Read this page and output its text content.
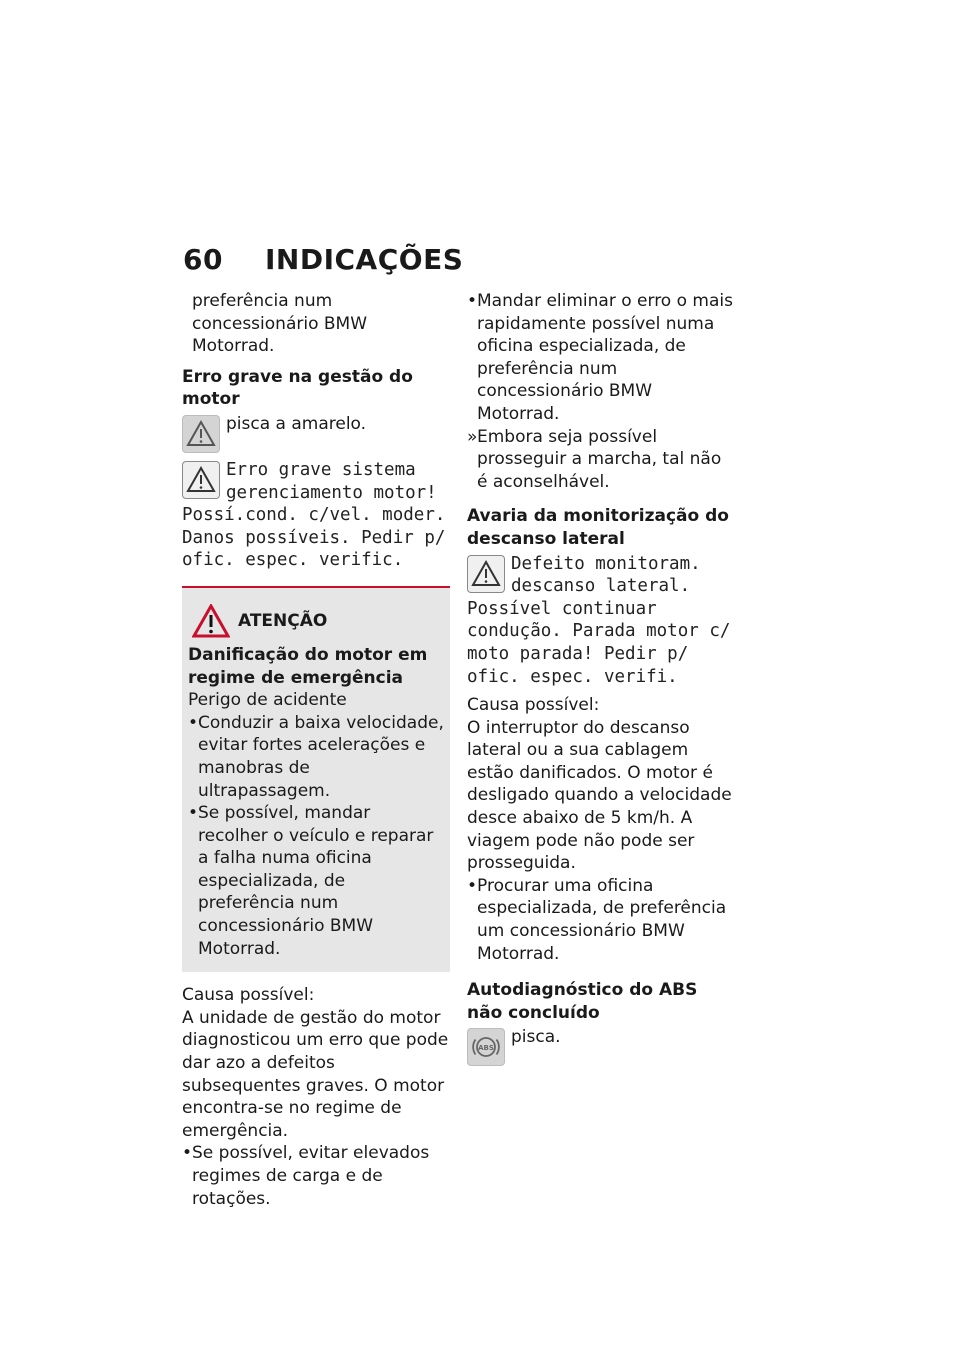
60 INDICAÇÕES

preferência num concessionário BMW Motorrad.

Erro grave na gestão do motor
pisca a amarelo.
Erro grave sistema gerenciamento motor! Possí.cond. c/vel. moder. Danos possíveis. Pedir p/ ofic. espec. verific.
ATENÇÃO
Danificação do motor em regime de emergência
Perigo de acidente
• Conduzir a baixa velocidade, evitar fortes acelerações e manobras de ultrapassagem.
• Se possível, mandar recolher o veículo e reparar a falha numa oficina especializada, de preferência num concessionário BMW Motorrad.
Causa possível:
A unidade de gestão do motor diagnosticou um erro que pode dar azo a defeitos subsequentes graves. O motor encontra-se no regime de emergência.
• Se possível, evitar elevados regimes de carga e de rotações.
• Mandar eliminar o erro o mais rapidamente possível numa oficina especializada, de preferência num concessionário BMW Motorrad.
» Embora seja possível prosseguir a marcha, tal não é aconselhável.
Avaria da monitorização do descanso lateral
Defeito monitoram. descanso lateral. Possível continuar condução. Parada motor c/ moto parada! Pedir p/ ofic. espec. verifi.
Causa possível:
O interruptor do descanso lateral ou a sua cablagem estão danificados. O motor é desligado quando a velocidade desce abaixo de 5 km/h. A viagem pode não pode ser prosseguida.
• Procurar uma oficina especializada, de preferência um concessionário BMW Motorrad.
Autodiagnóstico do ABS não concluído
ABS
pisca.
